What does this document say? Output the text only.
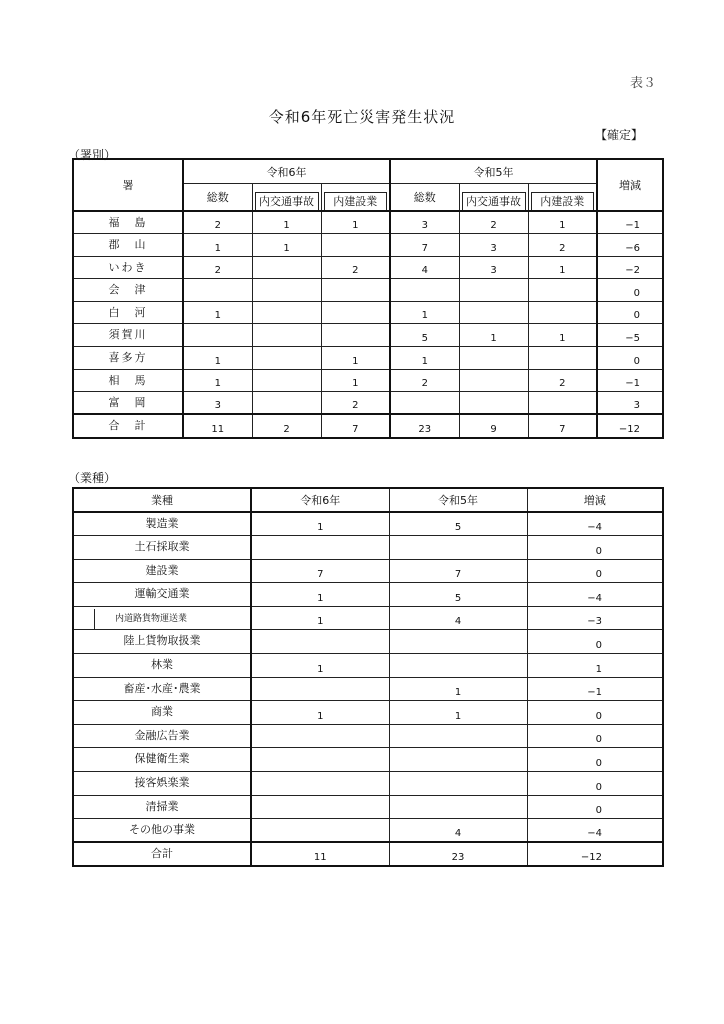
表３
令和6年死亡災害発生状況
【確定】
（署別）
署	令和6年			令和5年			増減
	総数	内交通事故	内建設業	総数	内交通事故	内建設業	

福　島	2	1	1	3	2	1	−1
郡　山	1	1		7	3	2	−6
いわき	2		2	4	3	1	−2
会　津							0
白　河	1			1			0
須賀川				5	1	1	−5
喜多方	1		1	1			0
相　馬	1		1	2		2	−1
富　岡	3		2				3
合　計	11	2	7	23	9	7	−12
（業種）
業種	令和6年	令和5年	増減
製造業	1	5	−4
土石採取業			0
建設業	7	7	0
運輸交通業	1	5	−4
内道路貨物運送業	1	4	−3
陸上貨物取扱業			0
林業	1		1
畜産･水産･農業		1	−1
商業	1	1	0
金融広告業			0
保健衛生業			0
接客娯楽業			0
清掃業			0
その他の事業		4	−4
合計	11	23	−12
